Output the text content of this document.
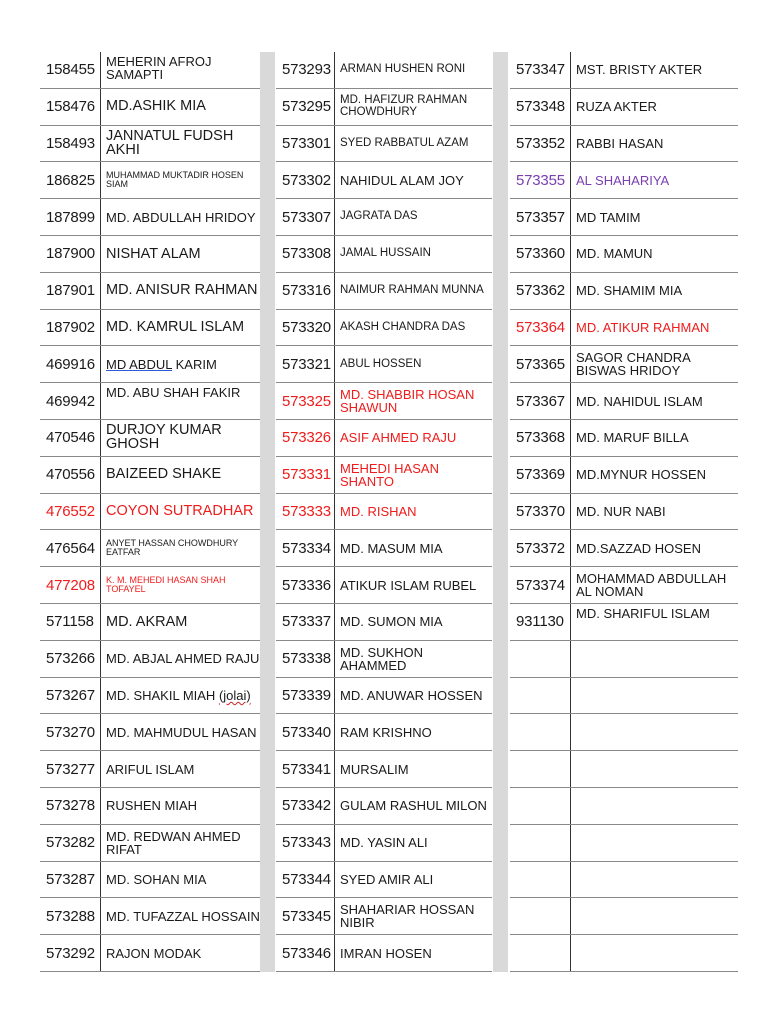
158455 MEHERIN AFROJ SAMAPTI
158476 MD.ASHIK MIA
158493 JANNATUL FUDSH AKHI
186825	MUHAMMAD MUKTADIR HOSEN SIAM
187899 MD. ABDULLAH HRIDOY
187900 NISHAT ALAM
187901 MD. ANISUR RAHMAN
187902 MD. KAMRUL ISLAM
469916 MD ABDUL KARIM
469942 MD. ABU SHAH FAKIR
470546 DURJOY KUMAR GHOSH
470556 BAIZEED SHAKE
476552 COYON SUTRADHAR
476564	ANYET HASSAN CHOWDHURY EATFAR
477208	K. M. MEHEDI HASAN SHAH TOFAYEL
571158 MD. AKRAM
573266 MD. ABJAL AHMED RAJU
573267 MD. SHAKIL MIAH (jolai)
573270 MD. MAHMUDUL HASAN
573277 ARIFUL ISLAM
573278 RUSHEN MIAH
573282 MD. REDWAN AHMED RIFAT
573287 MD. SOHAN MIA
573288 MD. TUFAZZAL HOSSAIN
573292 RAJON MODAK
573293 ARMAN HUSHEN RONI
573295 MD. HAFIZUR RAHMAN CHOWDHURY
573301 SYED RABBATUL AZAM
573302 NAHIDUL ALAM JOY
573307 JAGRATA DAS
573308 JAMAL HUSSAIN
573316 NAIMUR RAHMAN MUNNA
573320 AKASH CHANDRA DAS
573321 ABUL HOSSEN
573325 MD. SHABBIR HOSAN SHAWUN
573326 ASIF AHMED RAJU
573331 MEHEDI HASAN SHANTO
573333 MD. RISHAN
573334 MD. MASUM MIA
573336 ATIKUR ISLAM RUBEL
573337 MD. SUMON MIA
573338 MD. SUKHON AHAMMED
573339 MD. ANUWAR HOSSEN
573340 RAM KRISHNO
573341 MURSALIM
573342 GULAM RASHUL MILON
573343 MD. YASIN ALI
573344 SYED AMIR ALI
573345 SHAHARIAR HOSSAN NIBIR
573346 IMRAN HOSEN
573347 MST. BRISTY AKTER
573348 RUZA AKTER
573352 RABBI HASAN
573355 AL SHAHARIYA
573357 MD TAMIM
573360 MD. MAMUN
573362 MD. SHAMIM MIA
573364 MD. ATIKUR RAHMAN
573365 SAGOR CHANDRA BISWAS HRIDOY
573367 MD. NAHIDUL ISLAM
573368 MD. MARUF BILLA
573369 MD.MYNUR HOSSEN
573370 MD. NUR NABI
573372 MD.SAZZAD HOSEN
573374 MOHAMMAD ABDULLAH AL NOMAN
931130 MD. SHARIFUL ISLAM
